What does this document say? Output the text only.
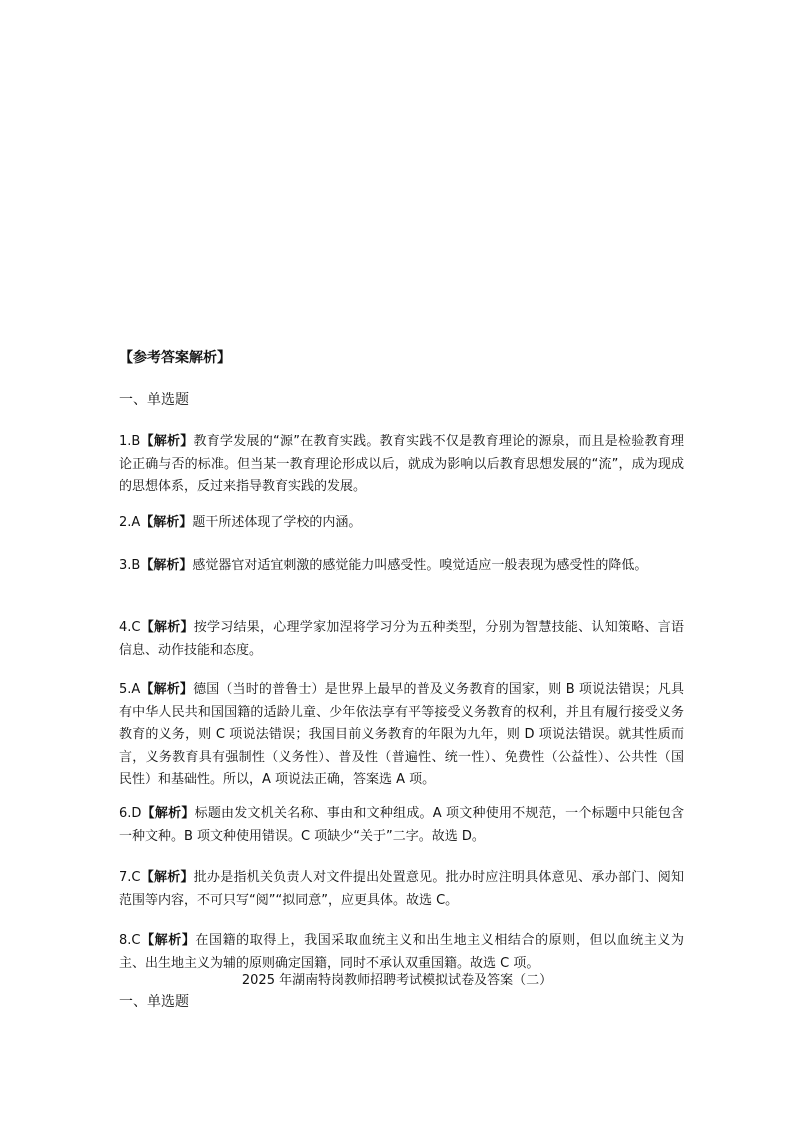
【参考答案解析】
一、单选题
1.B【解析】教育学发展的“源”在教育实践。教育实践不仅是教育理论的源泉，而且是检验教育理论正确与否的标准。但当某一教育理论形成以后，就成为影响以后教育思想发展的“流”，成为现成的思想体系，反过来指导教育实践的发展。
2.A【解析】题干所述体现了学校的内涵。
3.B【解析】感觉器官对适宜刺激的感觉能力叫感受性。嗅觉适应一般表现为感受性的降低。
4.C【解析】按学习结果，心理学家加涅将学习分为五种类型，分别为智慧技能、认知策略、言语信息、动作技能和态度。
5.A【解析】德国（当时的普鲁士）是世界上最早的普及义务教育的国家，则 B 项说法错误；凡具有中华人民共和国国籍的适龄儿童、少年依法享有平等接受义务教育的权利，并且有履行接受义务教育的义务，则 C 项说法错误；我国目前义务教育的年限为九年，则 D 项说法错误。就其性质而言，义务教育具有强制性（义务性）、普及性（普遍性、统一性）、免费性（公益性）、公共性（国民性）和基础性。所以，A 项说法正确，答案选 A 项。
6.D【解析】标题由发文机关名称、事由和文种组成。A 项文种使用不规范，一个标题中只能包含一种文种。B 项文种使用错误。C 项缺少“关于”二字。故选 D。
7.C【解析】批办是指机关负责人对文件提出处置意见。批办时应注明具体意见、承办部门、阅知范围等内容，不可只写“阅”“拟同意”，应更具体。故选 C。
8.C【解析】在国籍的取得上，我国采取血统主义和出生地主义相结合的原则，但以血统主义为主、出生地主义为辅的原则确定国籍，同时不承认双重国籍。故选 C 项。
2025 年湖南特岗教师招聘考试模拟试卷及答案（二）
一、单选题
